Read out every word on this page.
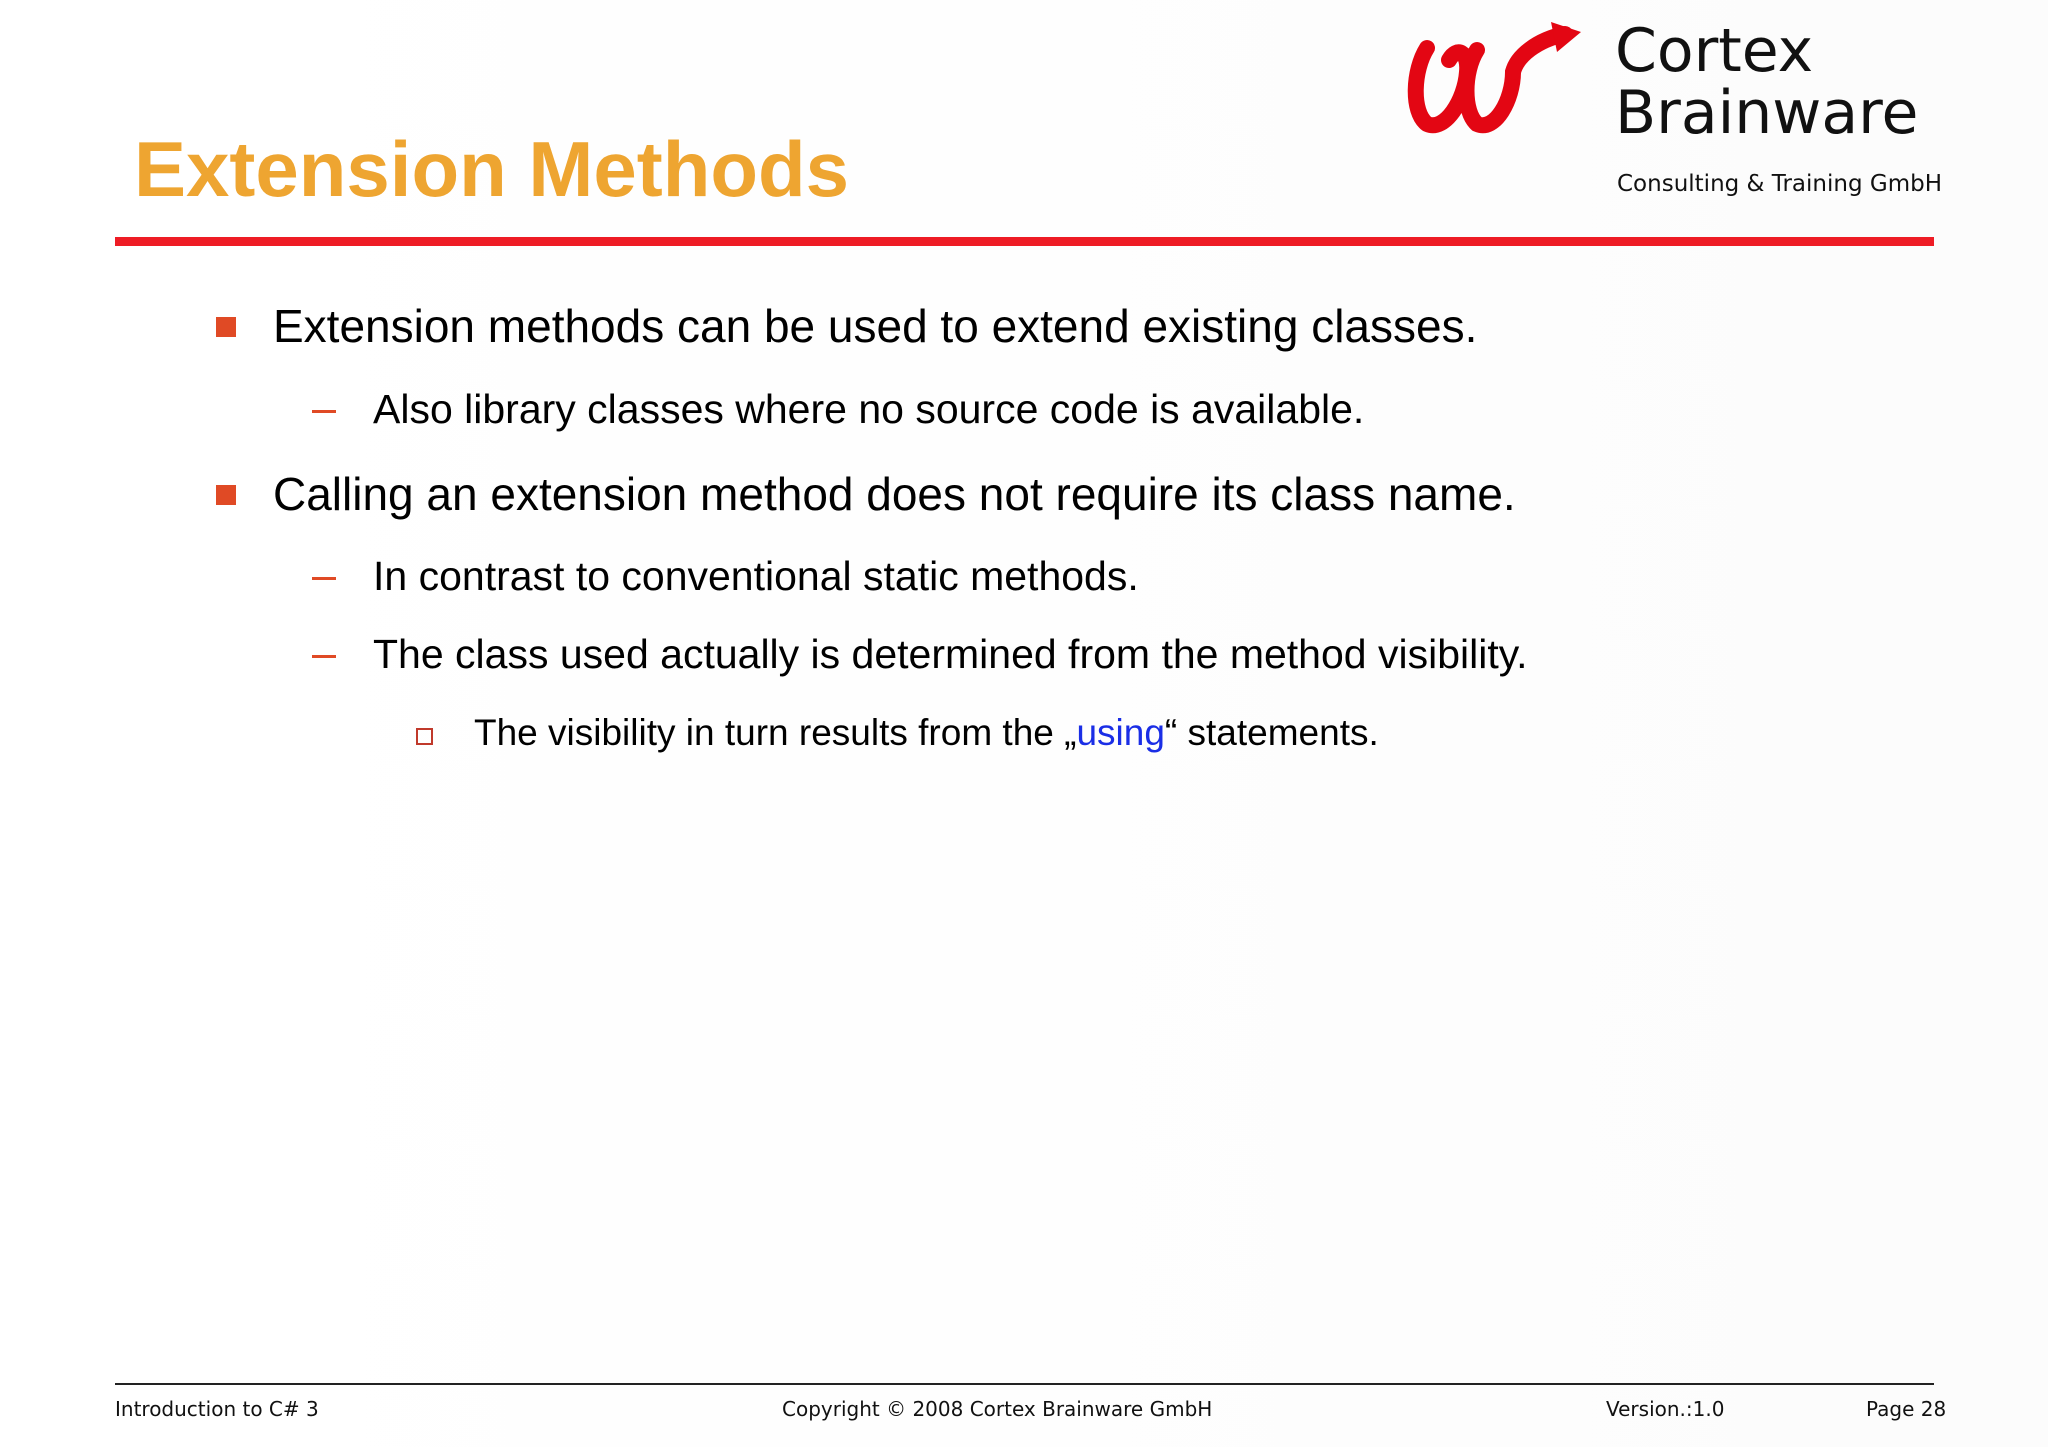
Extension Methods
Cortex
Brainware
Consulting & Training GmbH
Extension methods can be used to extend existing classes.
Also library classes where no source code is available.
Calling an extension method does not require its class name.
In contrast to conventional static methods.
The class used actually is determined from the method visibility.
The visibility in turn results from the „using“ statements.
Introduction to C# 3	Copyright © 2008 Cortex Brainware GmbH	Version.:1.0	Page 28
